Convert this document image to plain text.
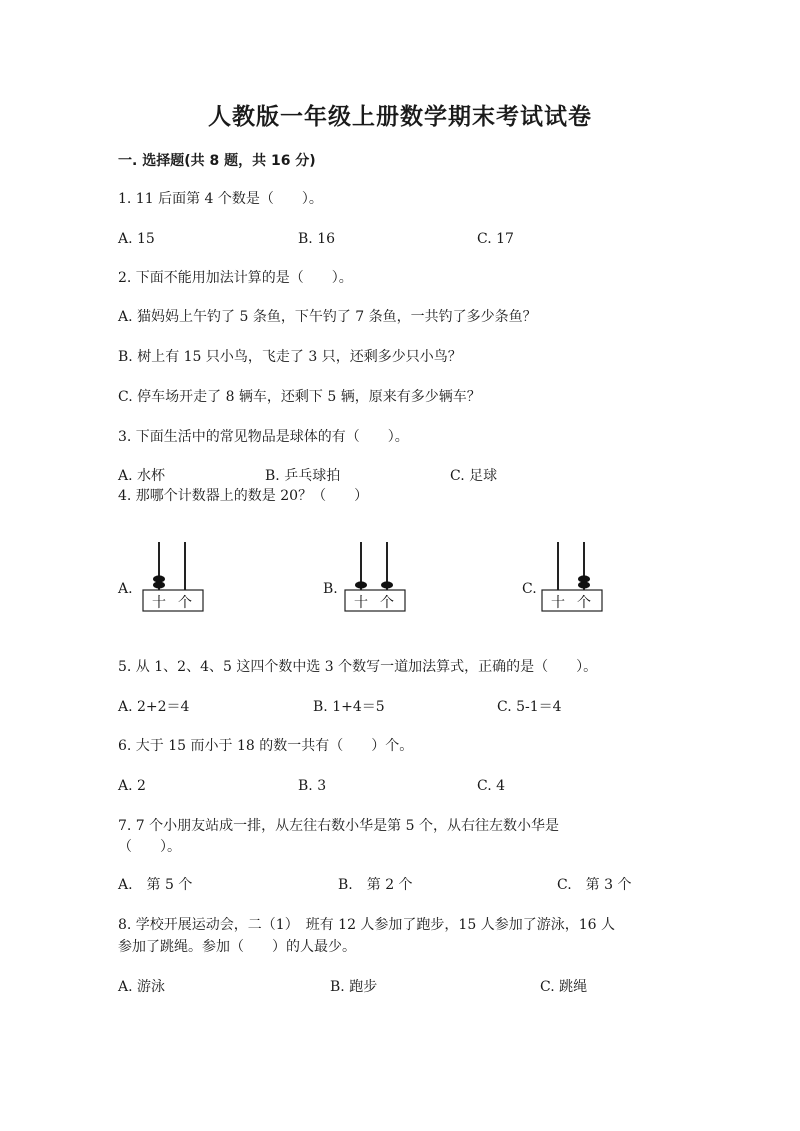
人教版一年级上册数学期末考试试卷
一. 选择题(共 8 题，共 16 分)
1. 11 后面第 4 个数是（　　）。
A. 15	B. 16	C. 17
2. 下面不能用加法计算的是（　　）。
A. 猫妈妈上午钓了 5 条鱼，下午钓了 7 条鱼，一共钓了多少条鱼？
B. 树上有 15 只小鸟，飞走了 3 只，还剩多少只小鸟？
C. 停车场开走了 8 辆车，还剩下 5 辆，原来有多少辆车？
3. 下面生活中的常见物品是球体的有（　　）。
A. 水杯	B. 乒乓球拍	C. 足球
4. 那哪个计数器上的数是 20？（　　）
A.	B.	C.
十 个	十 个	十 个
5. 从 1、2、4、5 这四个数中选 3 个数写一道加法算式，正确的是（　　）。
A. 2+2＝4	B. 1+4＝5	C. 5-1＝4
6. 大于 15 而小于 18 的数一共有（　　）个。
A. 2	B. 3	C. 4
7. 7 个小朋友站成一排，从左往右数小华是第 5 个，从右往左数小华是
（　　）。
A.　第 5 个	B.　第 2 个	C.　第 3 个
8. 学校开展运动会，二（1）　班有 12 人参加了跑步，15 人参加了游泳，16 人
参加了跳绳。参加（　　）的人最少。
A. 游泳	B. 跑步	C. 跳绳
